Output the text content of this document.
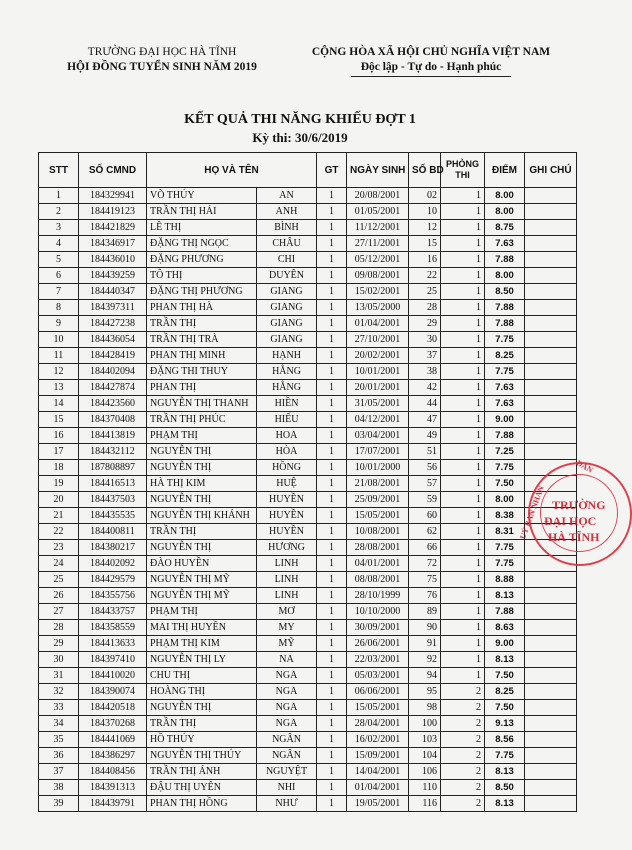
TRƯỜNG ĐẠI HỌC HÀ TĨNH
HỘI ĐỒNG TUYỂN SINH NĂM 2019
CỘNG HÒA XÃ HỘI CHỦ NGHĨA VIỆT NAM
Độc lập - Tự do - Hạnh phúc
KẾT QUẢ THI NĂNG KHIẾU ĐỢT 1
Kỳ thi: 30/6/2019
STT	SỐ CMND	HỌ VÀ TÊN		GT	NGÀY SINH	SỐ BD	PHÒNG
THI	ĐIỂM	GHI CHÚ
1	184329941	VÕ THÚY	AN	1	20/08/2001	02	1	8.00	
2	184419123	TRẦN THỊ HẢI	ANH	1	01/05/2001	10	1	8.00	
3	184421829	LÊ THỊ	BÌNH	1	11/12/2001	12	1	8.75	
4	184346917	ĐẶNG THỊ NGỌC	CHÂU	1	27/11/2001	15	1	7.63	
5	184436010	ĐẶNG PHƯƠNG	CHI	1	05/12/2001	16	1	7.88	
6	184439259	TÔ THỊ	DUYÊN	1	09/08/2001	22	1	8.00	
7	184440347	ĐẶNG THỊ PHƯƠNG	GIANG	1	15/02/2001	25	1	8.50	
8	184397311	PHAN THỊ HÀ	GIANG	1	13/05/2000	28	1	7.88	
9	184427238	TRẦN THỊ	GIANG	1	01/04/2001	29	1	7.88	
10	184436054	TRẦN THỊ TRÀ	GIANG	1	27/10/2001	30	1	7.75	
11	184428419	PHAN THỊ MINH	HẠNH	1	20/02/2001	37	1	8.25	
12	184402094	ĐẶNG THI THUY	HẰNG	1	10/01/2001	38	1	7.75	
13	184427874	PHAN THỊ	HẰNG	1	20/01/2001	42	1	7.63	
14	184423560	NGUYỄN THỊ THANH	HIỀN	1	31/05/2001	44	1	7.63	
15	184370408	TRẦN THỊ PHÚC	HIẾU	1	04/12/2001	47	1	9.00	
16	184413819	PHẠM THỊ	HOA	1	03/04/2001	49	1	7.88	
17	184432112	NGUYỄN THỊ	HÒA	1	17/07/2001	51	1	7.25	
18	187808897	NGUYỄN THỊ	HỒNG	1	10/01/2000	56	1	7.75	
19	184416513	HÀ THỊ KIM	HUỆ	1	21/08/2001	57	1	7.50	
20	184437503	NGUYỄN THỊ	HUYỀN	1	25/09/2001	59	1	8.00	
21	184435535	NGUYỄN THỊ KHÁNH	HUYỀN	1	15/05/2001	60	1	8.38	
22	184400811	TRẦN THỊ	HUYỀN	1	10/08/2001	62	1	8.31	
23	184380217	NGUYỄN THỊ	HƯƠNG	1	28/08/2001	66	1	7.75	
24	184402092	ĐÀO HUYỀN	LINH	1	04/01/2001	72	1	7.75	
25	184429579	NGUYỄN THỊ MỸ	LINH	1	08/08/2001	75	1	8.88	
26	184355756	NGUYỄN THỊ MỸ	LINH	1	28/10/1999	76	1	8.13	
27	184433757	PHẠM THỊ	MƠ	1	10/10/2000	89	1	7.88	
28	184358559	MAI THỊ HUYỀN	MY	1	30/09/2001	90	1	8.63	
29	184413633	PHẠM THỊ KIM	MỸ	1	26/06/2001	91	1	9.00	
30	184397410	NGUYỄN THỊ LY	NA	1	22/03/2001	92	1	8.13	
31	184410020	CHU THỊ	NGA	1	05/03/2001	94	1	7.50	
32	184390074	HOÀNG THỊ	NGA	1	06/06/2001	95	2	8.25	
33	184420518	NGUYỄN THỊ	NGA	1	15/05/2001	98	2	7.50	
34	184370268	TRẦN THỊ	NGA	1	28/04/2001	100	2	9.13	
35	184441069	HỒ THÚY	NGÂN	1	16/02/2001	103	2	8.56	
36	184386297	NGUYỄN THỊ THÚY	NGÂN	1	15/09/2001	104	2	7.75	
37	184408456	TRẦN THỊ ÁNH	NGUYỆT	1	14/04/2001	106	2	8.13	
38	184391313	ĐẬU THỊ UYÊN	NHI	1	01/04/2001	110	2	8.50	
39	184439791	PHAN THỊ HỒNG	NHƯ	1	19/05/2001	116	2	8.13	
DÂN
UỶ BAN NHÂN TRƯỜNG
ĐẠI HỌC
HÀ TĨNH
